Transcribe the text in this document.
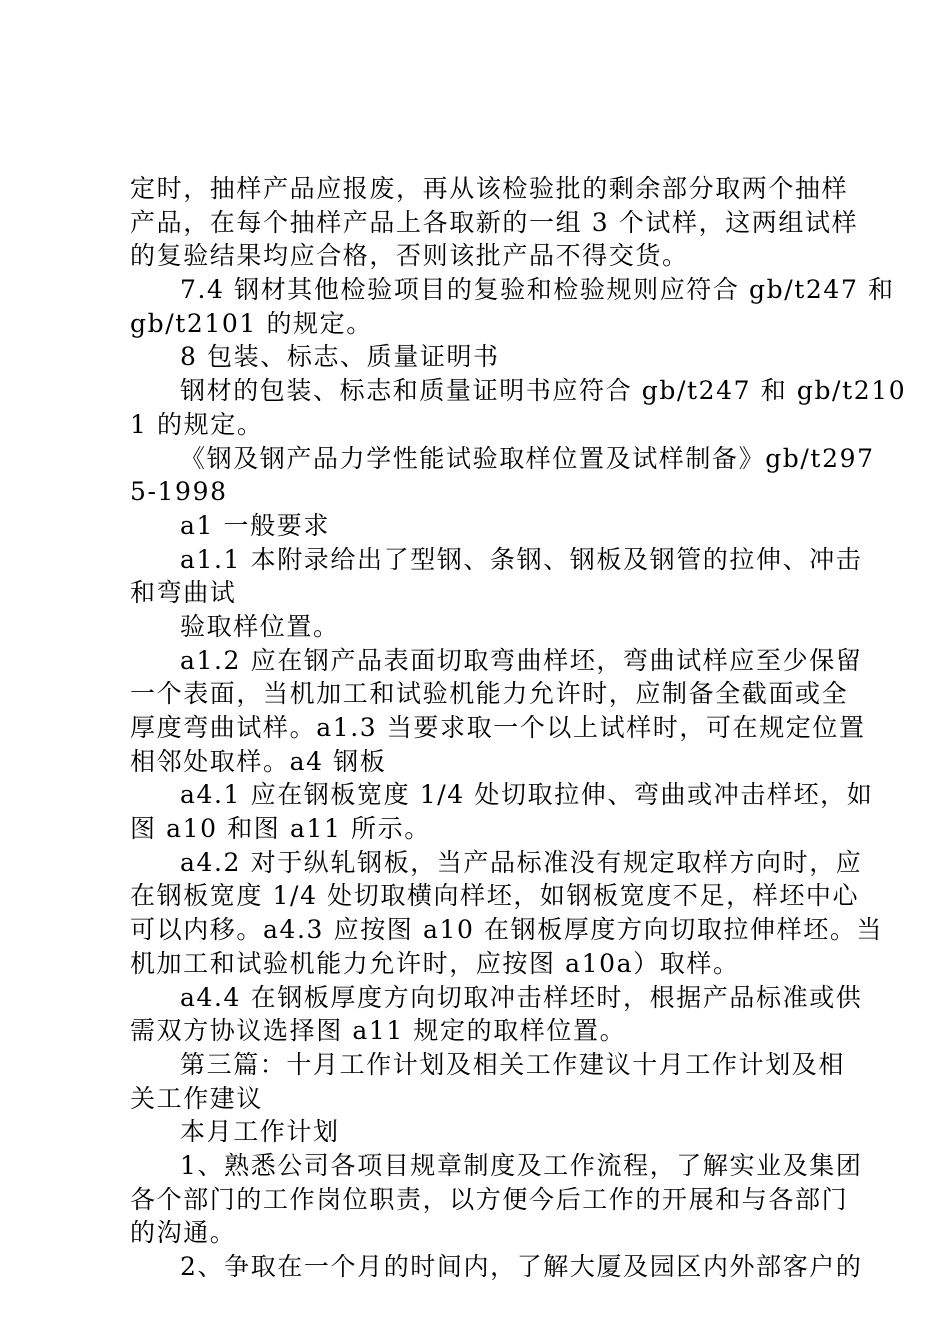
定时，抽样产品应报废，再从该检验批的剩余部分取两个抽样
产品，在每个抽样产品上各取新的一组 3 个试样，这两组试样
的复验结果均应合格，否则该批产品不得交货。
7.4 钢材其他检验项目的复验和检验规则应符合 gb/t247 和
gb/t2101 的规定。
8 包装、标志、质量证明书
钢材的包装、标志和质量证明书应符合 gb/t247 和 gb/t210
1 的规定。
《钢及钢产品力学性能试验取样位置及试样制备》gb/t297
5-1998
a1 一般要求
a1.1 本附录给出了型钢、条钢、钢板及钢管的拉伸、冲击
和弯曲试
验取样位置。
a1.2 应在钢产品表面切取弯曲样坯，弯曲试样应至少保留
一个表面，当机加工和试验机能力允许时，应制备全截面或全
厚度弯曲试样。a1.3 当要求取一个以上试样时，可在规定位置
相邻处取样。a4 钢板
a4.1 应在钢板宽度 1/4 处切取拉伸、弯曲或冲击样坯，如
图 a10 和图 a11 所示。
a4.2 对于纵轧钢板，当产品标准没有规定取样方向时，应
在钢板宽度 1/4 处切取横向样坯，如钢板宽度不足，样坯中心
可以内移。a4.3 应按图 a10 在钢板厚度方向切取拉伸样坯。当
机加工和试验机能力允许时，应按图 a10a）取样。
a4.4 在钢板厚度方向切取冲击样坯时，根据产品标准或供
需双方协议选择图 a11 规定的取样位置。
第三篇：十月工作计划及相关工作建议十月工作计划及相
关工作建议
本月工作计划
1、熟悉公司各项目规章制度及工作流程，了解实业及集团
各个部门的工作岗位职责，以方便今后工作的开展和与各部门
的沟通。
2、争取在一个月的时间内，了解大厦及园区内外部客户的
